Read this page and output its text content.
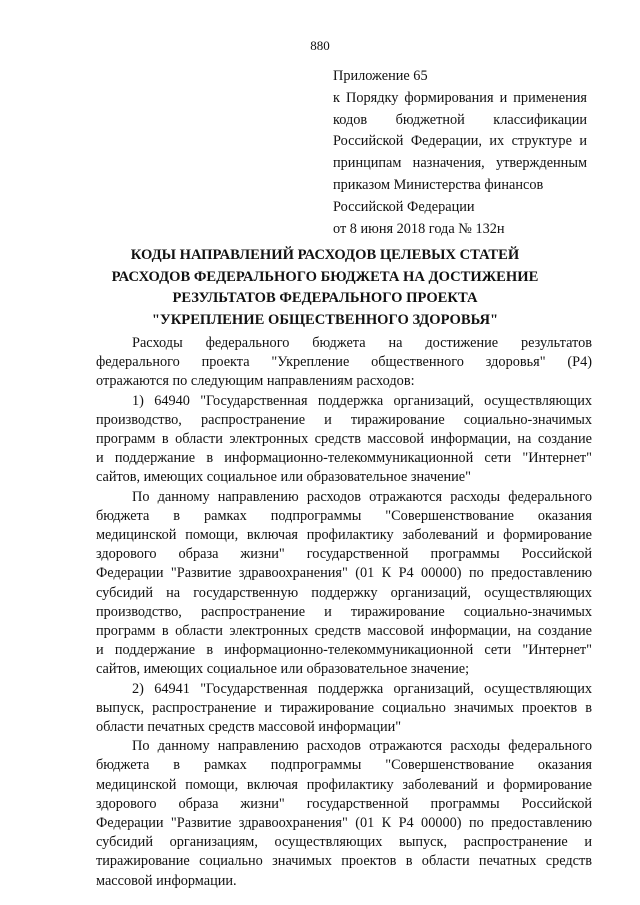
880
Приложение 65
к Порядку формирования и применения
кодов бюджетной классификации
Российской Федерации, их структуре и
принципам назначения, утвержденным
приказом Министерства финансов
Российской Федерации
от 8 июня 2018 года № 132н
КОДЫ НАПРАВЛЕНИЙ РАСХОДОВ ЦЕЛЕВЫХ СТАТЕЙ
РАСХОДОВ ФЕДЕРАЛЬНОГО БЮДЖЕТА НА ДОСТИЖЕНИЕ
РЕЗУЛЬТАТОВ ФЕДЕРАЛЬНОГО ПРОЕКТА
"УКРЕПЛЕНИЕ ОБЩЕСТВЕННОГО ЗДОРОВЬЯ"
Расходы федерального бюджета на достижение результатов
федерального проекта "Укрепление общественного здоровья" (Р4)
отражаются по следующим направлениям расходов:
1) 64940 "Государственная поддержка организаций, осуществляющих
производство, распространение и тиражирование социально-значимых
программ в области электронных средств массовой информации, на создание
и поддержание в информационно-телекоммуникационной сети "Интернет"
сайтов, имеющих социальное или образовательное значение"
По данному направлению расходов отражаются расходы федерального
бюджета в рамках подпрограммы "Совершенствование оказания
медицинской помощи, включая профилактику заболеваний и формирование
здорового образа жизни" государственной программы Российской
Федерации "Развитие здравоохранения" (01 К Р4 00000) по предоставлению
субсидий на государственную поддержку организаций, осуществляющих
производство, распространение и тиражирование социально-значимых
программ в области электронных средств массовой информации, на создание
и поддержание в информационно-телекоммуникационной сети "Интернет"
сайтов, имеющих социальное или образовательное значение;
2) 64941 "Государственная поддержка организаций, осуществляющих
выпуск, распространение и тиражирование социально значимых проектов в
области печатных средств массовой информации"
По данному направлению расходов отражаются расходы федерального
бюджета в рамках подпрограммы "Совершенствование оказания
медицинской помощи, включая профилактику заболеваний и формирование
здорового образа жизни" государственной программы Российской
Федерации "Развитие здравоохранения" (01 К Р4 00000) по предоставлению
субсидий организациям, осуществляющих выпуск, распространение и
тиражирование социально значимых проектов в области печатных средств
массовой информации.
